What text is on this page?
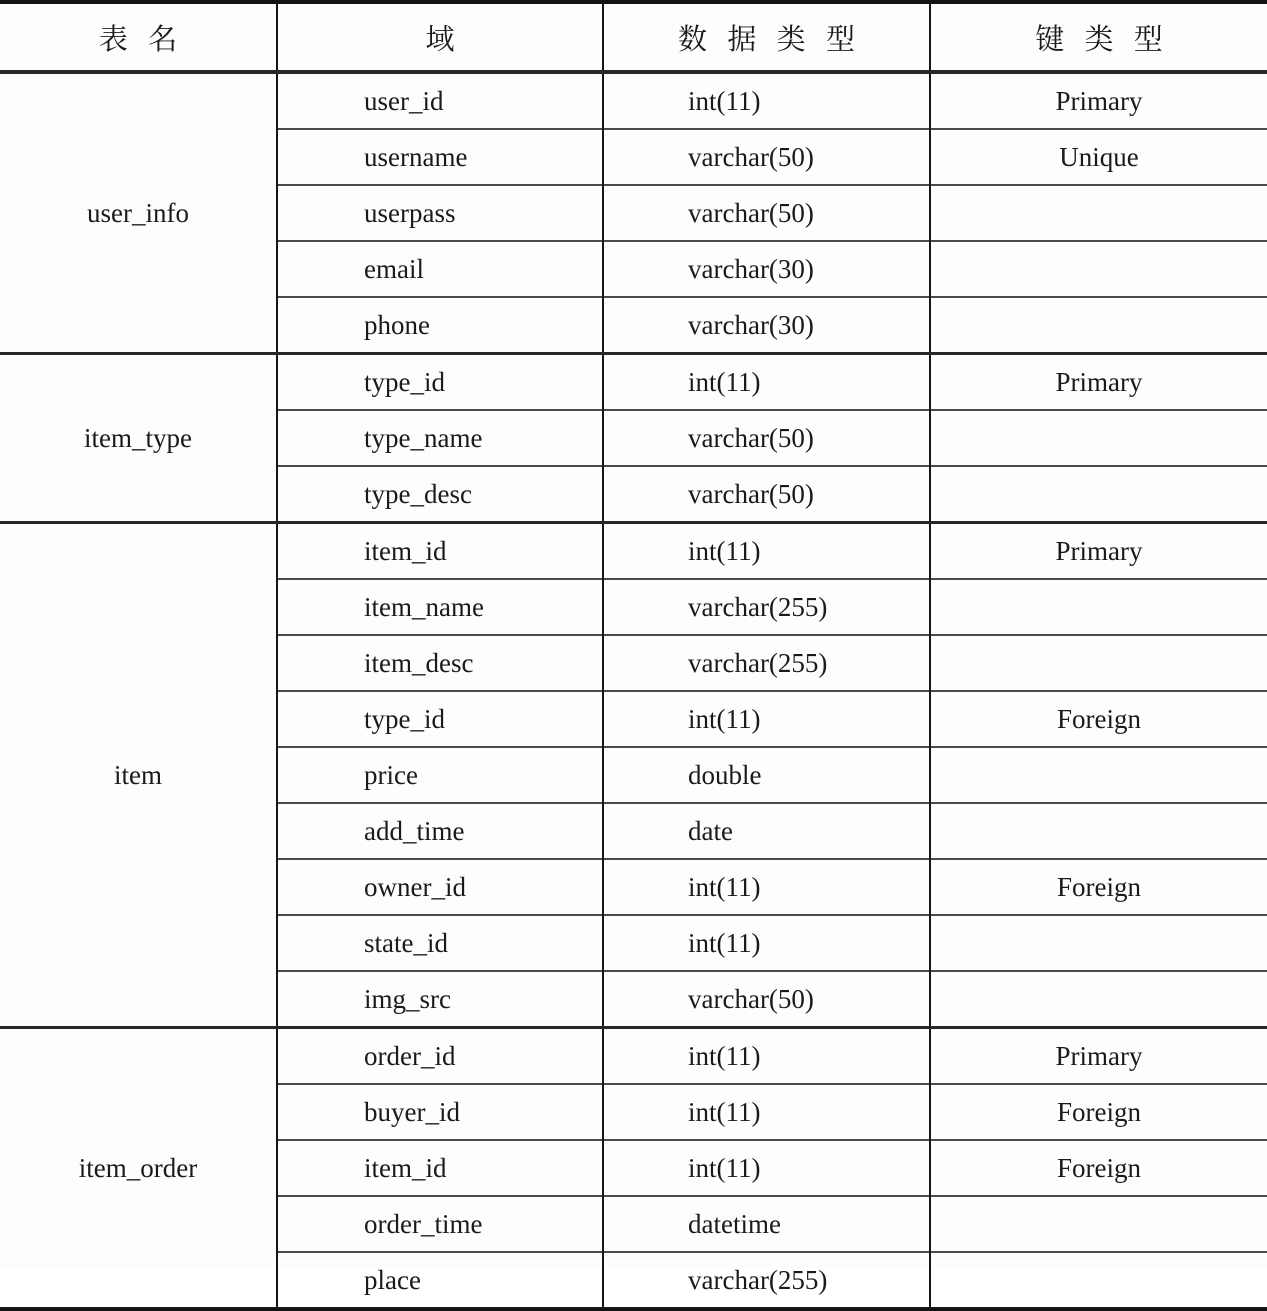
表 名	域	数 据 类 型	键 类 型
user_info	user_id	int(11)	Primary
	username	varchar(50)	Unique
	userpass	varchar(50)	
	email	varchar(30)	
	phone	varchar(30)	
item_type	type_id	int(11)	Primary
	type_name	varchar(50)	
	type_desc	varchar(50)	
item	item_id	int(11)	Primary
	item_name	varchar(255)	
	item_desc	varchar(255)	
	type_id	int(11)	Foreign
	price	double	
	add_time	date	
	owner_id	int(11)	Foreign
	state_id	int(11)	
	img_src	varchar(50)	
item_order	order_id	int(11)	Primary
	buyer_id	int(11)	Foreign
	item_id	int(11)	Foreign
	order_time	datetime	
	place	varchar(255)	
